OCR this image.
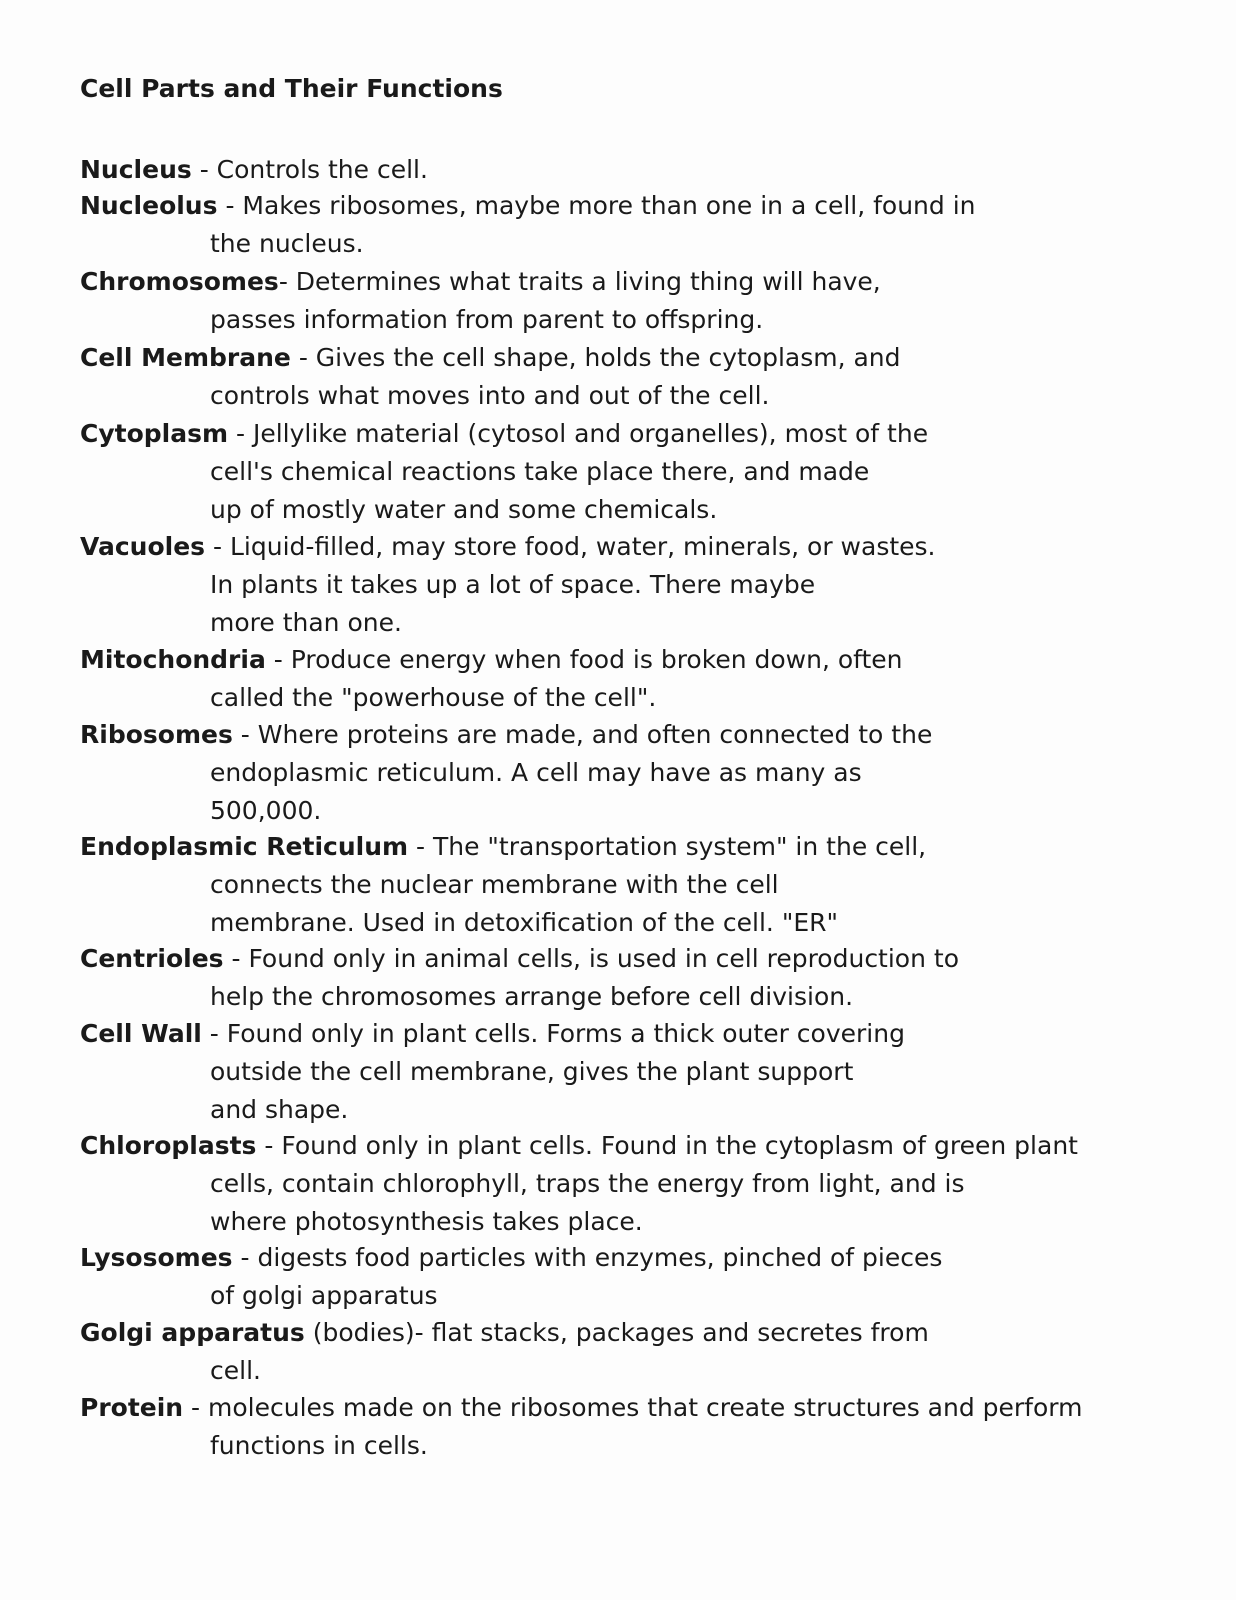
Cell Parts and Their Functions

Nucleus - Controls the cell.

Nucleolus - Makes ribosomes, maybe more than one in a cell, found in
the nucleus.

Chromosomes- Determines what traits a living thing will have,
passes information from parent to offspring.

Cell Membrane - Gives the cell shape, holds the cytoplasm, and
controls what moves into and out of the cell.

Cytoplasm - Jellylike material (cytosol and organelles), most of the
cell's chemical reactions take place there, and made
up of mostly water and some chemicals.

Vacuoles - Liquid-filled, may store food, water, minerals, or wastes.
In plants it takes up a lot of space. There maybe
more than one.

Mitochondria - Produce energy when food is broken down, often
called the "powerhouse of the cell".

Ribosomes - Where proteins are made, and often connected to the
endoplasmic reticulum. A cell may have as many as
500,000.

Endoplasmic Reticulum - The "transportation system" in the cell,
connects the nuclear membrane with the cell
membrane. Used in detoxification of the cell. "ER"

Centrioles - Found only in animal cells, is used in cell reproduction to
help the chromosomes arrange before cell division.

Cell Wall - Found only in plant cells. Forms a thick outer covering
outside the cell membrane, gives the plant support
and shape.

Chloroplasts - Found only in plant cells. Found in the cytoplasm of green plant
cells, contain chlorophyll, traps the energy from light, and is
where photosynthesis takes place.

Lysosomes - digests food particles with enzymes, pinched of pieces
of golgi apparatus

Golgi apparatus (bodies)- flat stacks, packages and secretes from
cell.

Protein - molecules made on the ribosomes that create structures and perform
functions in cells.
